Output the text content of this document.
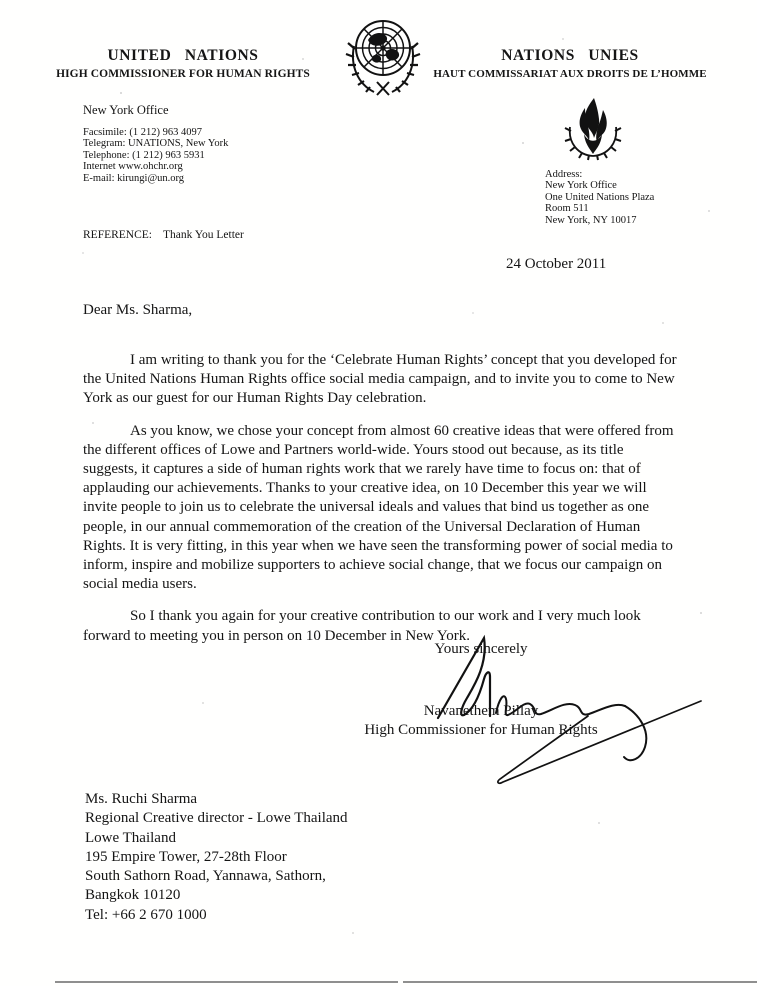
UNITED NATIONS
HIGH COMMISSIONER FOR HUMAN RIGHTS
NATIONS UNIES
HAUT COMMISSARIAT AUX DROITS DE L’HOMME
New York Office
Facsimile: (1 212) 963 4097
Telegram: UNATIONS, New York
Telephone: (1 212) 963 5931
Internet www.ohchr.org
E-mail: kirungi@un.org	Address:
New York Office
One United Nations Plaza
Room 511
New York, NY 10017
REFERENCE: Thank You Letter
24 October 2011
Dear Ms. Sharma,

I am writing to thank you for the ‘Celebrate Human Rights’ concept that you developed for the United Nations Human Rights office social media campaign, and to invite you to come to New York as our guest for our Human Rights Day celebration.

As you know, we chose your concept from almost 60 creative ideas that were offered from the different offices of Lowe and Partners world-wide. Yours stood out because, as its title suggests, it captures a side of human rights work that we rarely have time to focus on: that of applauding our achievements. Thanks to your creative idea, on 10 December this year we will invite people to join us to celebrate the universal ideals and values that bind us together as one people, in our annual commemoration of the creation of the Universal Declaration of Human Rights. It is very fitting, in this year when we have seen the transforming power of social media to inform, inspire and mobilize supporters to achieve social change, that we focus our campaign on social media users.

So I thank you again for your creative contribution to our work and I very much look forward to meeting you in person on 10 December in New York.

Yours sincerely
Navanethem Pillay
High Commissioner for Human Rights
Ms. Ruchi Sharma
Regional Creative director - Lowe Thailand
Lowe Thailand
195 Empire Tower, 27-28th Floor
South Sathorn Road, Yannawa, Sathorn,
Bangkok 10120
Tel: +66 2 670 1000
